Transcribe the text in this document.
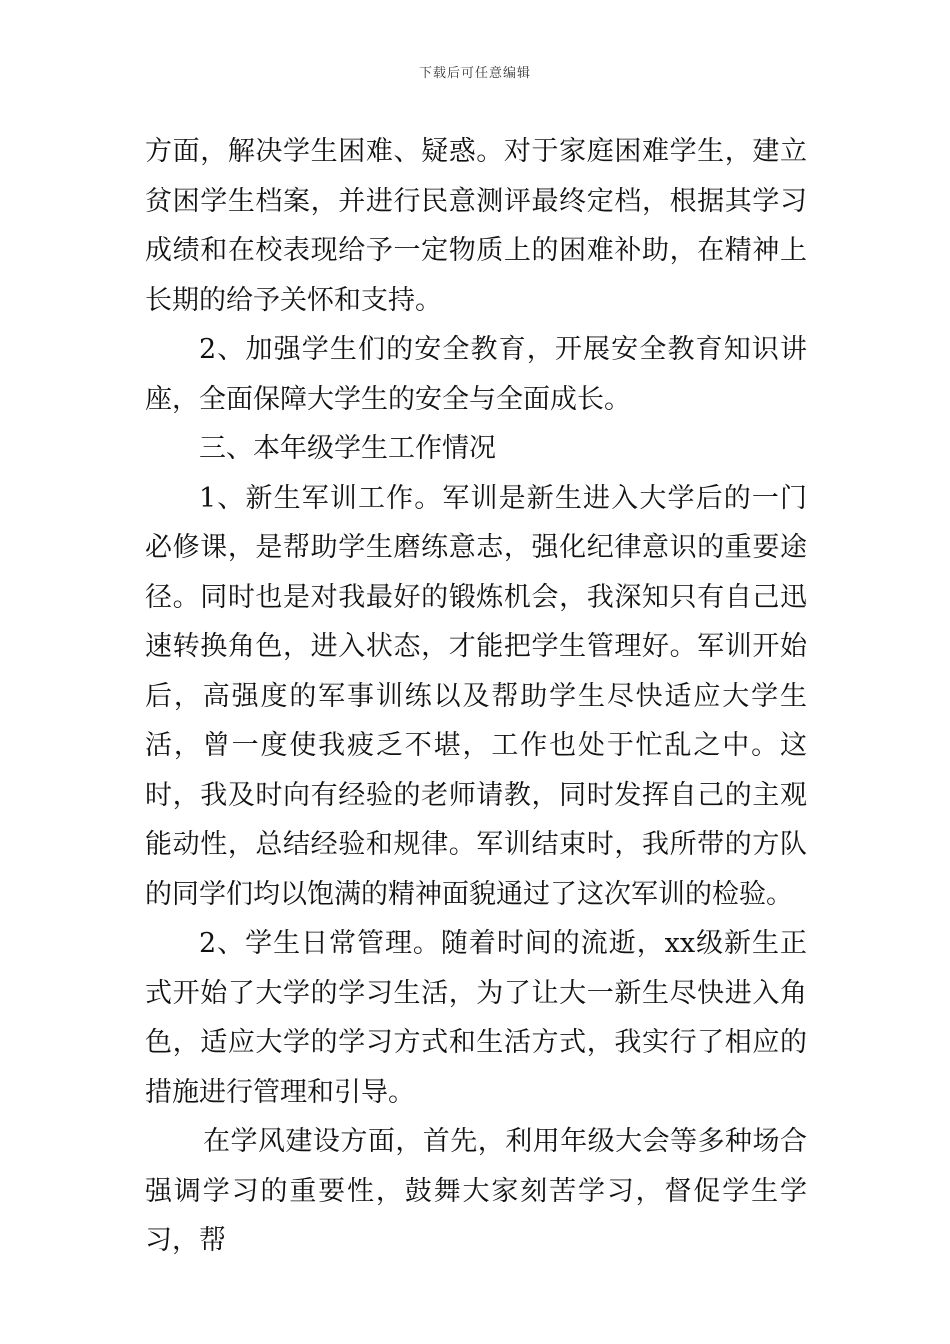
下载后可任意编辑

方面，解决学生困难、疑惑。对于家庭困难学生，建立贫困学生档案，并进行民意测评最终定档，根据其学习成绩和在校表现给予一定物质上的困难补助，在精神上长期的给予关怀和支持。

2、加强学生们的安全教育，开展安全教育知识讲座，全面保障大学生的安全与全面成长。

三、本年级学生工作情况

1、新生军训工作。军训是新生进入大学后的一门必修课，是帮助学生磨练意志，强化纪律意识的重要途径。同时也是对我最好的锻炼机会，我深知只有自己迅速转换角色，进入状态，才能把学生管理好。军训开始后，高强度的军事训练以及帮助学生尽快适应大学生活，曾一度使我疲乏不堪，工作也处于忙乱之中。这时，我及时向有经验的老师请教，同时发挥自己的主观能动性，总结经验和规律。军训结束时，我所带的方队的同学们均以饱满的精神面貌通过了这次军训的检验。

2、学生日常管理。随着时间的流逝，xx级新生正式开始了大学的学习生活，为了让大一新生尽快进入角色，适应大学的学习方式和生活方式，我实行了相应的措施进行管理和引导。

在学风建设方面，首先，利用年级大会等多种场合强调学习的重要性，鼓舞大家刻苦学习，督促学生学习，帮
